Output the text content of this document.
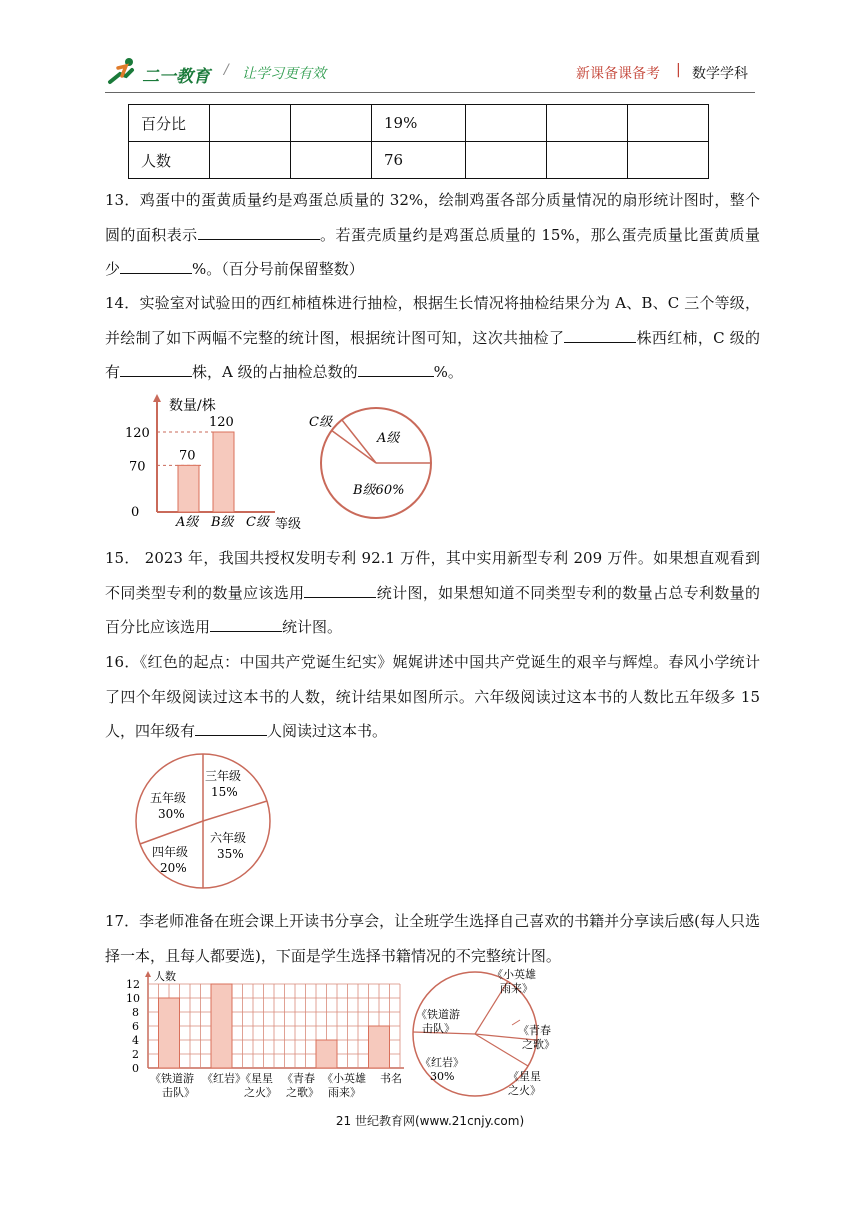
二一教育 / 让学习更有效	新课备课备考 | 数学学科
百分比			19%			
人数			76			
13．鸡蛋中的蛋黄质量约是鸡蛋总质量的 32%，绘制鸡蛋各部分质量情况的扇形统计图时，整个圆的面积表示	。若蛋壳质量约是鸡蛋总质量的 15%，那么蛋壳质量比蛋黄质量少	%。（百分号前保留整数）
14．实验室对试验田的西红柿植株进行抽检，根据生长情况将抽检结果分为 A、B、C 三个等级，并绘制了如下两幅不完整的统计图，根据统计图可知，这次共抽检了	株西红柿，C 级的有	株，A 级的占抽检总数的	%。
数量/株
0
70
120
70
120
A级 B级 C级 等级
C级
A级
B级60%
15． 2023 年，我国共授权发明专利 92.1 万件，其中实用新型专利 209 万件。如果想直观看到不同类型专利的数量应该选用	统计图，如果想知道不同类型专利的数量占总专利数量的百分比应该选用	统计图。
16．《红色的起点：中国共产党诞生纪实》娓娓讲述中国共产党诞生的艰辛与辉煌。春风小学统计了四个年级阅读过这本书的人数，统计结果如图所示。六年级阅读过这本书的人数比五年级多 15 人，四年级有	人阅读过这本书。
三年级
15%
六年级
35%
四年级
20%
五年级
30%
17．李老师准备在班会课上开读书分享会，让全班学生选择自己喜欢的书籍并分享读后感(每人只选择一本，且每人都要选)，下面是学生选择书籍情况的不完整统计图。
人数
0
2
4
6
8
10
12
《铁道游
击队》
《红岩》
《星星
之火》
《青春
之歌》
《小英雄
雨来》
书名
《小英雄
雨来》
《铁道游
击队》	《青春
之歌》
《红岩》
30%	《星星
之火》
21 世纪教育网(www.21cnjy.com)
